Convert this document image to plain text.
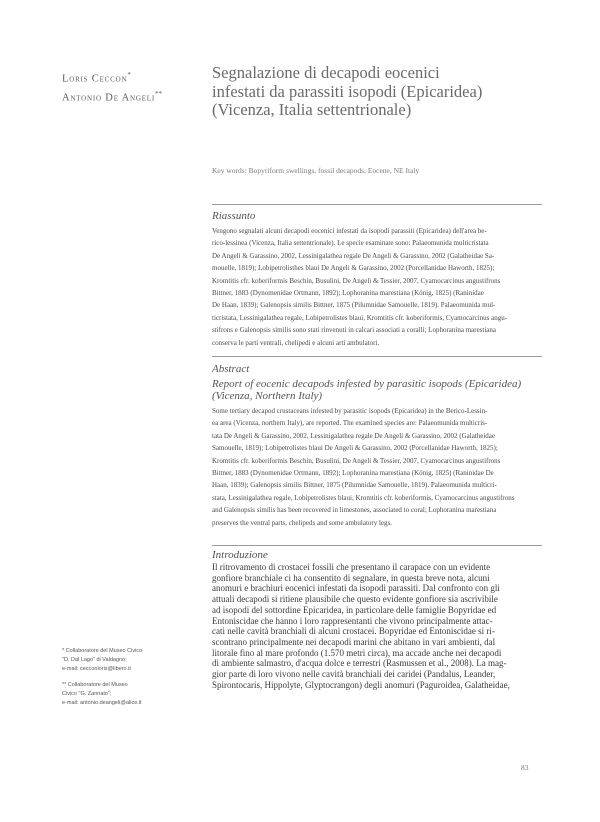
Loris Ceccon*
Antonio De Angeli**
Segnalazione di decapodi eocenici
infestati da parassiti isopodi (Epicaridea)
(Vicenza, Italia settentrionale)
Key words: Bopyriform swellings, fossil decapods, Eocene, NE Italy
Riassunto
Vengono segnalati alcuni decapodi eocenici infestati da isopodi parassiti (Epicaridea) dell'area be-
rico-lessinea (Vicenza, Italia settentrionale). Le specie esaminate sono: Palaeomunida multicristata
De Angeli & Garassino, 2002, Lessinigalathea regale De Angeli & Garassino, 2002 (Galatheidae Sa-
mouelle, 1819); Lobipetrolisthes blaui De Angeli & Garassino, 2002 (Porcellanidae Haworth, 1825);
Kromtitis cfr. koberiformis Beschin, Busulini, De Angeli & Tessier, 2007, Cyamocarcinus angustifrons
Bittner, 1883 (Dynomenidae Ortmann, 1892); Lophoranina marestiana (König, 1825) (Raninidae
De Haan, 1839); Galenopsis similis Bittner, 1875 (Pilumnidae Samouelle, 1819). Palaeomunida mul-
ticristata, Lessinigalathea regale, Lobipetrolistes blaui, Kromtitis cfr. koberiformis, Cyamocarcinus angu-
stifrons e Galenopsis similis sono stati rinvenuti in calcari associati a coralli; Lophoranina marestiana
conserva le parti ventrali, chelipedi e alcuni arti ambulatori.
Abstract
Report of eocenic decapods infested by parasitic isopods (Epicaridea)
(Vicenza, Northern Italy)
Some tertiary decapod crustaceans infested by parasitic isopods (Epicaridea) in the Berico-Lessin-
ea area (Vicenza, northern Italy), are reported. The examined species are: Palaeomunida multicris-
tata De Angeli & Garassino, 2002, Lessinigalathea regale De Angeli & Garassino, 2002 (Galatheidae
Samouelle, 1819); Lobipetrolistes blaui De Angeli & Garassino, 2002 (Porcellanidae Haworth, 1825);
Kromtitis cfr. koberiformis Beschin, Busulini, De Angeli & Tessier, 2007, Cyamocarcinus angustifrons
Bittner, 1883 (Dynomenidae Ortmann, 1892); Lophoranina marestiana (König, 1825) (Raninidae De
Haan, 1839); Galenopsis similis Bittner, 1875 (Pilumnidae Samouelle, 1819). Palaeomunida multicri-
stata, Lessinigalathea regale, Lobipetrolistes blaui, Kromtitis cfr. koberiformis, Cyamocarcinus angustifrons
and Galenopsis similis has been recovered in limestones, associated to coral; Lophoranina marestiana
preserves the ventral parts, chelipeds and some ambulatory legs.
Introduzione
Il ritrovamento di crostacei fossili che presentano il carapace con un evidente
gonfiore branchiale ci ha consentito di segnalare, in questa breve nota, alcuni
anomuri e brachiuri eocenici infestati da isopodi parassiti. Dal confronto con gli
attuali decapodi si ritiene plausibile che questo evidente gonfiore sia ascrivibile
ad isopodi del sottordine Epicaridea, in particolare delle famiglie Bopyridae ed
Entoniscidae che hanno i loro rappresentanti che vivono principalmente attac-
cati nelle cavità branchiali di alcuni crostacei. Bopyridae ed Entoniscidae si ri-
scontrano principalmente nei decapodi marini che abitano in vari ambienti, dal
litorale fino al mare profondo (1.570 metri circa), ma accade anche nei decapodi
di ambiente salmastro, d'acqua dolce e terrestri (Rasmussen et al., 2008). La mag-
gior parte di loro vivono nelle cavità branchiali dei caridei (Pandalus, Leander,
Spirontocaris, Hippolyte, Glyptocrangon) degli anomuri (Paguroidea, Galatheidae,
* Collaboratore del Museo Civico
"D. Dal Lago" di Valdagno;
e-mail: cecconloris@libero.it
** Collaboratore del Museo
Civico "G. Zannato";
e-mail: antonio.deangeli@alice.it
83
